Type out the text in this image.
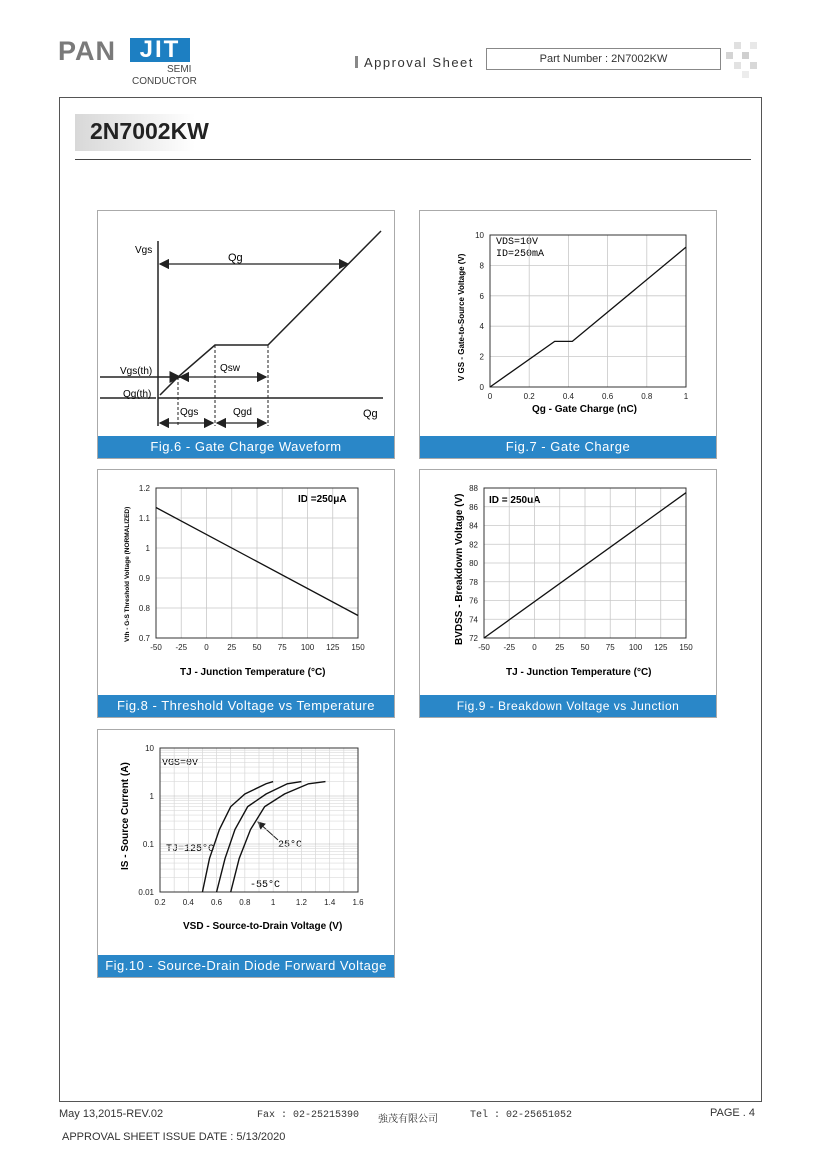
PAN JIT
SEMI
CONDUCTOR
Approval Sheet	Part Number : 2N7002KW
2N7002KW
Vgs
Qg
Vgs(th)
Qg(th)
Qsw
Qgs	Qgd	Qg
Fig.6 - Gate Charge Waveform
V GS - Gate-to-Source Voltage (V)
Qg - Gate Charge (nC)
VDS=10V
ID=250mA
0	0.2	0.4	0.6	0.8	1
0
2
4
6
8
10
Fig.7 - Gate Charge
Vth - G-S Threshold Voltage (NORMALIZED)
TJ - Junction Temperature (°C)
ID =250μA
-50 -25 0 25 50 75 100 125 150
0.7
0.8
0.9
1
1.1
1.2
Fig.8 - Threshold Voltage vs Temperature
BVDSS - Breakdown Voltage (V)
TJ - Junction Temperature (°C)
ID = 250uA
-50 -25 0 25 50 75 100 125 150
72
74
76
78
80
82
84
86
88
Fig.9 - Breakdown Voltage vs Junction Temperature
IS - Source Current (A)
VSD - Source-to-Drain Voltage (V)
VGS=0V
TJ=125°C	25°C
-55°C
0.2 0.4 0.6 0.8	1	1.2 1.4 1.6
0.01
0.1
1
10
Fig.10 - Source-Drain Diode Forward Voltage
May 13,2015-REV.02	Fax : 02-25215390 強茂有限公司	Tel : 02-25651052	PAGE . 4
APPROVAL SHEET ISSUE DATE : 5/13/2020
